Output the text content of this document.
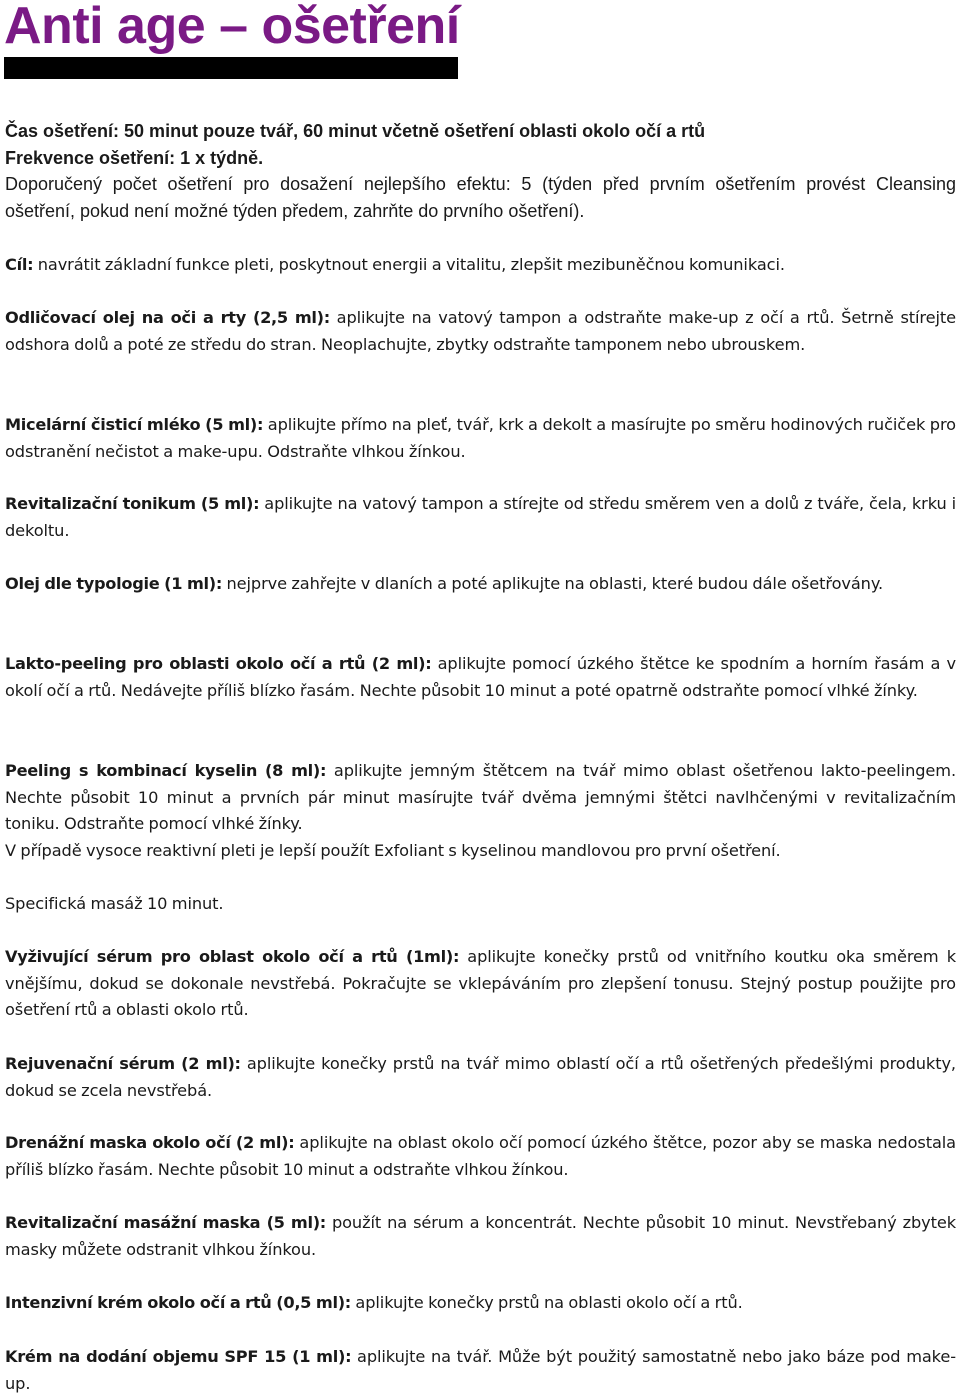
Anti age – ošetření

Čas ošetření: 50 minut pouze tvář, 60 minut včetně ošetření oblasti okolo očí a rtů
Frekvence ošetření: 1 x týdně.
Doporučený počet ošetření pro dosažení nejlepšího efektu: 5 (týden před prvním ošetřením provést Cleansing ošetření, pokud není možné týden předem, zahrňte do prvního ošetření).

Cíl: navrátit základní funkce pleti, poskytnout energii a vitalitu, zlepšit mezibuněčnou komunikaci.

Odličovací olej na oči a rty (2,5 ml): aplikujte na vatový tampon a odstraňte make-up z očí a rtů. Šetrně stírejte odshora dolů a poté ze středu do stran. Neoplachujte, zbytky odstraňte tamponem nebo ubrouskem.

Micelární čisticí mléko (5 ml): aplikujte přímo na pleť, tvář, krk a dekolt a masírujte po směru hodinových ručiček pro odstranění nečistot a make-upu. Odstraňte vlhkou žínkou.

Revitalizační tonikum (5 ml): aplikujte na vatový tampon a stírejte od středu směrem ven a dolů z tváře, čela, krku i dekoltu.

Olej dle typologie (1 ml): nejprve zahřejte v dlaních a poté aplikujte na oblasti, které budou dále ošetřovány.

Lakto-peeling pro oblasti okolo očí a rtů (2 ml): aplikujte pomocí úzkého štětce ke spodním a horním řasám a v okolí očí a rtů. Nedávejte příliš blízko řasám. Nechte působit 10 minut a poté opatrně odstraňte pomocí vlhké žínky.

Peeling s kombinací kyselin (8 ml): aplikujte jemným štětcem na tvář mimo oblast ošetřenou lakto-peelingem. Nechte působit 10 minut a prvních pár minut masírujte tvář dvěma jemnými štětci navlhčenými v revitalizačním toniku. Odstraňte pomocí vlhké žínky.
V případě vysoce reaktivní pleti je lepší použít Exfoliant s kyselinou mandlovou pro první ošetření.

Specifická masáž 10 minut.

Vyživující sérum pro oblast okolo očí a rtů (1ml): aplikujte konečky prstů od vnitřního koutku oka směrem k vnějšímu, dokud se dokonale nevstřebá. Pokračujte se vklepáváním pro zlepšení tonusu. Stejný postup použijte pro ošetření rtů a oblasti okolo rtů.

Rejuvenační sérum (2 ml): aplikujte konečky prstů na tvář mimo oblastí očí a rtů ošetřených předešlými produkty, dokud se zcela nevstřebá.

Drenážní maska okolo očí (2 ml): aplikujte na oblast okolo očí pomocí úzkého štětce, pozor aby se maska nedostala příliš blízko řasám. Nechte působit 10 minut a odstraňte vlhkou žínkou.

Revitalizační masážní maska (5 ml): použít na sérum a koncentrát. Nechte působit 10 minut. Nevstřebaný zbytek masky můžete odstranit vlhkou žínkou.

Intenzivní krém okolo očí a rtů (0,5 ml): aplikujte konečky prstů na oblasti okolo očí a rtů.

Krém na dodání objemu SPF 15 (1 ml): aplikujte na tvář. Může být použitý samostatně nebo jako báze pod make-up.
